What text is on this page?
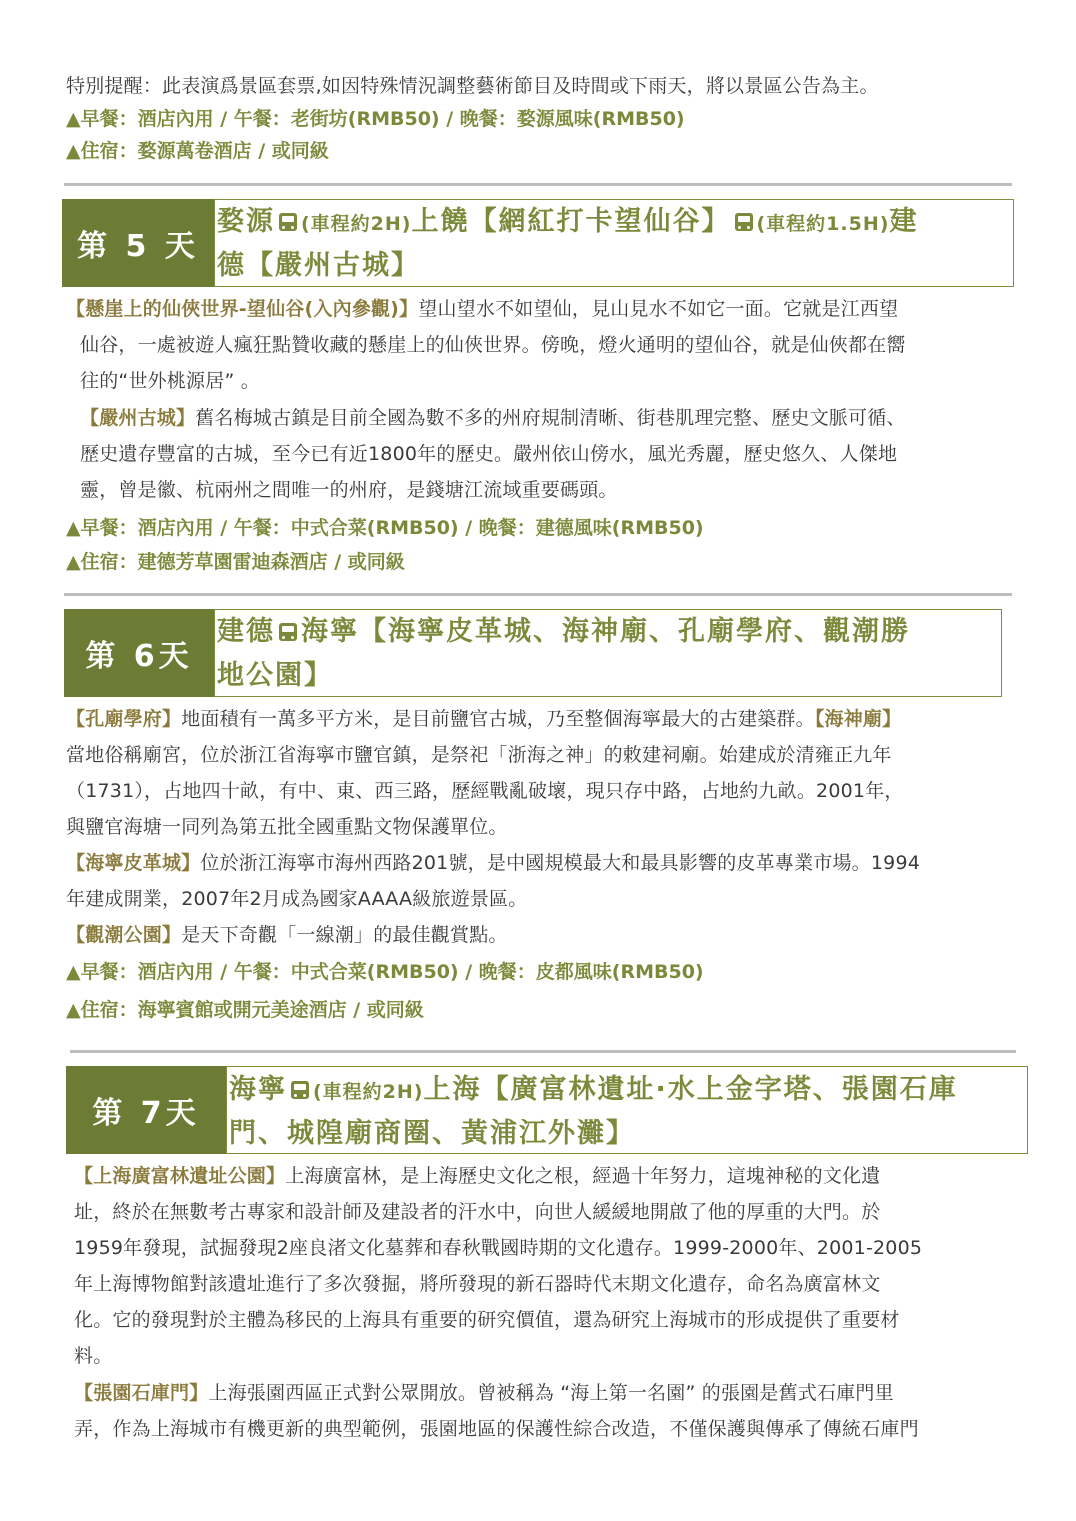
特別提醒：此表演爲景區套票,如因特殊情況調整藝術節目及時間或下雨天，將以景區公告為主。
▲早餐：酒店內用 / 午餐：老街坊(RMB50) / 晚餐：婺源風味(RMB50)
▲住宿：婺源萬卷酒店 / 或同級
第 5 天
婺源 (車程約2H)上饒【網紅打卡望仙谷】 (車程約1.5H)建
德【嚴州古城】
【懸崖上的仙俠世界-望仙谷(入內參觀)】望山望水不如望仙，見山見水不如它一面。它就是江西望
仙谷，一處被遊人瘋狂點贊收藏的懸崖上的仙俠世界。傍晚，燈火通明的望仙谷，就是仙俠都在嚮
往的“世外桃源居” 。
【嚴州古城】舊名梅城古鎮是目前全國為數不多的州府規制清晰、街巷肌理完整、歷史文脈可循、
歷史遺存豐富的古城，至今已有近1800年的歷史。嚴州依山傍水，風光秀麗，歷史悠久、人傑地
靈，曾是徽、杭兩州之間唯一的州府，是錢塘江流域重要碼頭。
▲早餐：酒店內用 / 午餐：中式合菜(RMB50) / 晚餐：建德風味(RMB50)
▲住宿：建德芳草園雷迪森酒店 / 或同級
第 6天
建德 海寧【海寧皮革城、海神廟、孔廟學府、觀潮勝
地公園】
【孔廟學府】地面積有一萬多平方米，是目前鹽官古城，乃至整個海寧最大的古建築群。【海神廟】
當地俗稱廟宮，位於浙江省海寧市鹽官鎮，是祭祀「浙海之神」的敕建祠廟。始建成於清雍正九年
（1731），占地四十畝，有中、東、西三路，歷經戰亂破壞，現只存中路，占地約九畝。2001年，
與鹽官海塘一同列為第五批全國重點文物保護單位。
【海寧皮革城】位於浙江海寧市海州西路201號，是中國規模最大和最具影響的皮革專業市場。1994
年建成開業，2007年2月成為國家AAAA級旅遊景區。
【觀潮公園】是天下奇觀「一線潮」的最佳觀賞點。
▲早餐：酒店內用 / 午餐：中式合菜(RMB50) / 晚餐：皮都風味(RMB50)
▲住宿：海寧賓館或開元美途酒店 / 或同級
第 7天
海寧 (車程約2H)上海【廣富林遺址·水上金字塔、張園石庫
門、城隍廟商圈、黃浦江外灘】
【上海廣富林遺址公園】上海廣富林，是上海歷史文化之根，經過十年努力，這塊神秘的文化遺
址，終於在無數考古專家和設計師及建設者的汗水中，向世人緩緩地開啟了他的厚重的大門。於
1959年發現，試掘發現2座良渚文化墓葬和春秋戰國時期的文化遺存。1999-2000年、2001-2005
年上海博物館對該遺址進行了多次發掘，將所發現的新石器時代末期文化遺存，命名為廣富林文
化。它的發現對於主體為移民的上海具有重要的研究價值，還為研究上海城市的形成提供了重要材
料。
【張園石庫門】上海張園西區正式對公眾開放。曾被稱為 “海上第一名園” 的張園是舊式石庫門里
弄，作為上海城市有機更新的典型範例，張園地區的保護性綜合改造，不僅保護與傳承了傳統石庫門
